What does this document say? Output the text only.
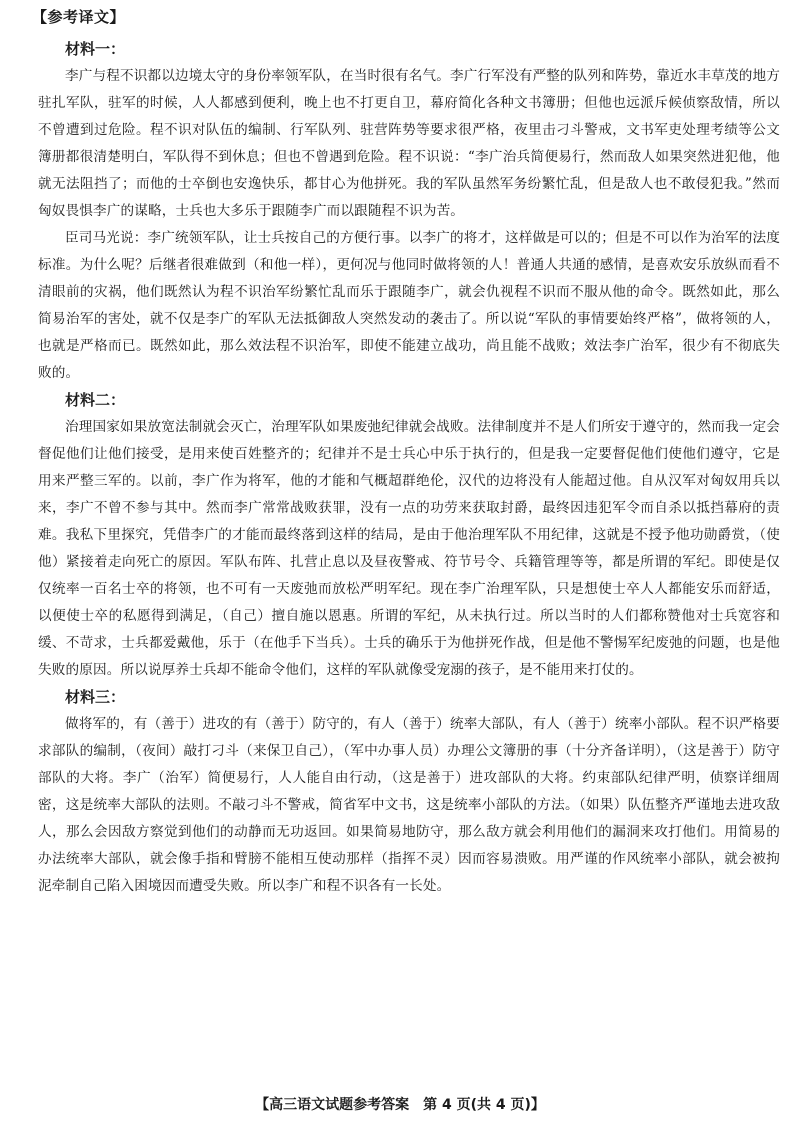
【参考译文】
材料一：

李广与程不识都以边境太守的身份率领军队，在当时很有名气。李广行军没有严整的队列和阵势，靠近水丰草茂的地方驻扎军队，驻军的时候，人人都感到便利，晚上也不打更自卫，幕府简化各种文书簿册；但他也远派斥候侦察敌情，所以不曾遭到过危险。程不识对队伍的编制、行军队列、驻营阵势等要求很严格，夜里击刁斗警戒，文书军吏处理考绩等公文簿册都很清楚明白，军队得不到休息；但也不曾遇到危险。程不识说：“李广治兵简便易行，然而敌人如果突然进犯他，他就无法阻挡了；而他的士卒倒也安逸快乐，都甘心为他拼死。我的军队虽然军务纷繁忙乱，但是敌人也不敢侵犯我。”然而匈奴畏惧李广的谋略，士兵也大多乐于跟随李广而以跟随程不识为苦。

臣司马光说：李广统领军队，让士兵按自己的方便行事。以李广的将才，这样做是可以的；但是不可以作为治军的法度标准。为什么呢？后继者很难做到（和他一样），更何况与他同时做将领的人！普通人共通的感情，是喜欢安乐放纵而看不清眼前的灾祸，他们既然认为程不识治军纷繁忙乱而乐于跟随李广，就会仇视程不识而不服从他的命令。既然如此，那么简易治军的害处，就不仅是李广的军队无法抵御敌人突然发动的袭击了。所以说“军队的事情要始终严格”，做将领的人，也就是严格而已。既然如此，那么效法程不识治军，即使不能建立战功，尚且能不战败；效法李广治军，很少有不彻底失败的。

材料二：

治理国家如果放宽法制就会灭亡，治理军队如果废弛纪律就会战败。法律制度并不是人们所安于遵守的，然而我一定会督促他们让他们接受，是用来使百姓整齐的；纪律并不是士兵心中乐于执行的，但是我一定要督促他们使他们遵守，它是用来严整三军的。以前，李广作为将军，他的才能和气概超群绝伦，汉代的边将没有人能超过他。自从汉军对匈奴用兵以来，李广不曾不参与其中。然而李广常常战败获罪，没有一点的功劳来获取封爵，最终因违犯军令而自杀以抵挡幕府的责难。我私下里探究，凭借李广的才能而最终落到这样的结局，是由于他治理军队不用纪律，这就是不授予他功勋爵赏，（使他）紧接着走向死亡的原因。军队布阵、扎营止息以及昼夜警戒、符节号令、兵籍管理等等，都是所谓的军纪。即使是仅仅统率一百名士卒的将领，也不可有一天废弛而放松严明军纪。现在李广治理军队，只是想使士卒人人都能安乐而舒适，以便使士卒的私愿得到满足，（自己）擅自施以恩惠。所谓的军纪，从未执行过。所以当时的人们都称赞他对士兵宽容和缓、不苛求，士兵都爱戴他，乐于（在他手下当兵）。士兵的确乐于为他拼死作战，但是他不警惕军纪废弛的问题，也是他失败的原因。所以说厚养士兵却不能命令他们，这样的军队就像受宠溺的孩子，是不能用来打仗的。

材料三：

做将军的，有（善于）进攻的有（善于）防守的，有人（善于）统率大部队，有人（善于）统率小部队。程不识严格要求部队的编制，（夜间）敲打刁斗（来保卫自己），（军中办事人员）办理公文簿册的事（十分齐备详明），（这是善于）防守部队的大将。李广（治军）简便易行，人人能自由行动，（这是善于）进攻部队的大将。约束部队纪律严明，侦察详细周密，这是统率大部队的法则。不敲刁斗不警戒，简省军中文书，这是统率小部队的方法。（如果）队伍整齐严谨地去进攻敌人，那么会因敌方察觉到他们的动静而无功返回。如果简易地防守，那么敌方就会利用他们的漏洞来攻打他们。用简易的办法统率大部队，就会像手指和臂膀不能相互使动那样（指挥不灵）因而容易溃败。用严谨的作风统率小部队，就会被拘泥牵制自己陷入困境因而遭受失败。所以李广和程不识各有一长处。

【高三语文试题参考答案　第 4 页(共 4 页)】
